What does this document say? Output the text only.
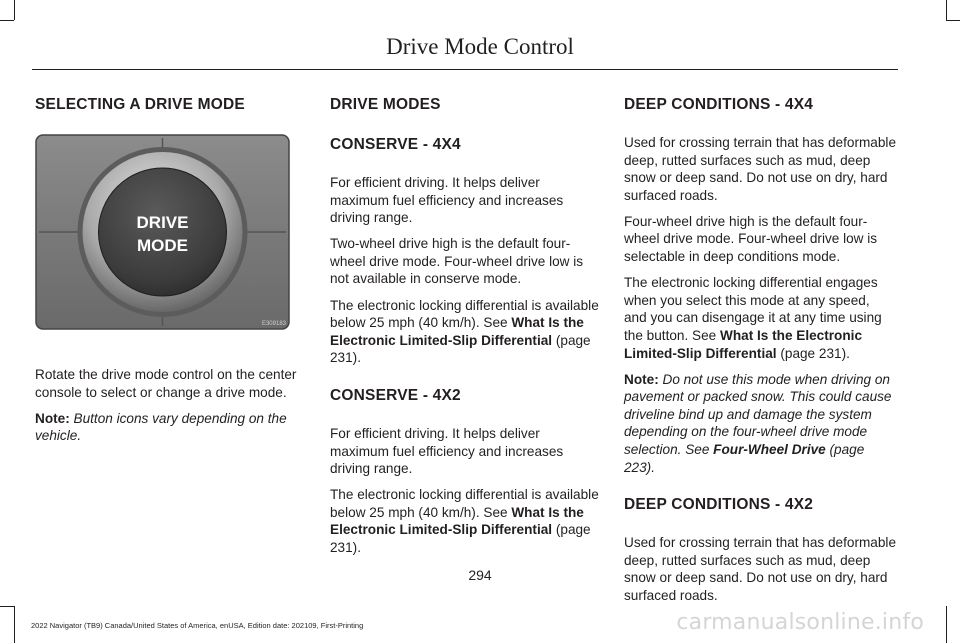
Drive Mode Control
SELECTING A DRIVE MODE
DRIVE
MODE
E309183

Rotate the drive mode control on the center console to select or change a drive mode.

Note: Button icons vary depending on the vehicle.

DRIVE MODES
CONSERVE - 4X4

For efficient driving. It helps deliver maximum fuel efficiency and increases driving range.

Two-wheel drive high is the default four-wheel drive mode. Four-wheel drive low is not available in conserve mode.

The electronic locking differential is available below 25 mph (40 km/h). See What Is the Electronic Limited-Slip Differential (page 231).

CONSERVE - 4X2

For efficient driving. It helps deliver maximum fuel efficiency and increases driving range.

The electronic locking differential is available below 25 mph (40 km/h). See What Is the Electronic Limited-Slip Differential (page 231).

DEEP CONDITIONS - 4X4

Used for crossing terrain that has deformable deep, rutted surfaces such as mud, deep snow or deep sand. Do not use on dry, hard surfaced roads.

Four-wheel drive high is the default four-wheel drive mode. Four-wheel drive low is selectable in deep conditions mode.

The electronic locking differential engages when you select this mode at any speed, and you can disengage it at any time using the button. See What Is the Electronic Limited-Slip Differential (page 231).

Note: Do not use this mode when driving on pavement or packed snow. This could cause driveline bind up and damage the system depending on the four-wheel drive mode selection. See Four-Wheel Drive (page 223).

DEEP CONDITIONS - 4X2

Used for crossing terrain that has deformable deep, rutted surfaces such as mud, deep snow or deep sand. Do not use on dry, hard surfaced roads.

294
2022 Navigator (TB9) Canada/United States of America, enUSA, Edition date: 202109, First-Printing	carmanualsonline.info
